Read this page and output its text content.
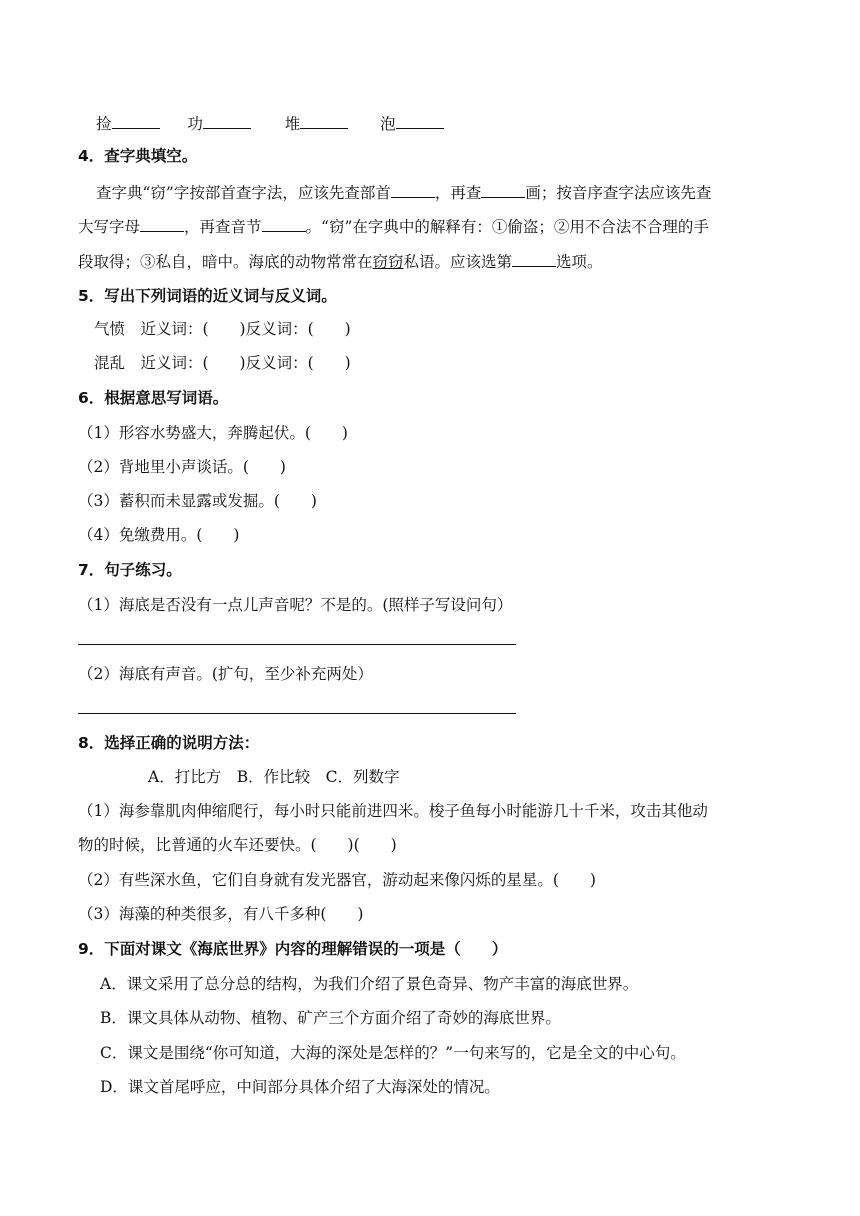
捡	功	堆	泡
4．查字典填空。
查字典“窃”字按部首查字法，应该先查部首	，再查	画；按音序查字法应该先查
大写字母	，再查音节	。“窃”在字典中的解释有：①偷盗；②用不合法不合理的手
段取得；③私自，暗中。海底的动物常常在窃窃私语。应该选第	选项。
5．写出下列词语的近义词与反义词。
气愤　近义词：(　　)反义词：(　　)
混乱　近义词：(　　)反义词：(　　)
6．根据意思写词语。
（1）形容水势盛大，奔腾起伏。(　　)
（2）背地里小声谈话。(　　)
（3）蓄积而未显露或发掘。(　　)
（4）免缴费用。(　　)
7．句子练习。
（1）海底是否没有一点儿声音呢？不是的。(照样子写设问句）
（2）海底有声音。(扩句，至少补充两处）
8．选择正确的说明方法：
A．打比方　B．作比较　C．列数字
（1）海参靠肌肉伸缩爬行，每小时只能前进四米。梭子鱼每小时能游几十千米，攻击其他动
物的时候，比普通的火车还要快。(　　)(　　)
（2）有些深水鱼，它们自身就有发光器官，游动起来像闪烁的星星。(　　)
（3）海藻的种类很多，有八千多种(　　)
9．下面对课文《海底世界》内容的理解错误的一项是（　　）
A．课文采用了总分总的结构，为我们介绍了景色奇异、物产丰富的海底世界。
B．课文具体从动物、植物、矿产三个方面介绍了奇妙的海底世界。
C．课文是围绕“你可知道，大海的深处是怎样的？”一句来写的，它是全文的中心句。
D．课文首尾呼应，中间部分具体介绍了大海深处的情况。
